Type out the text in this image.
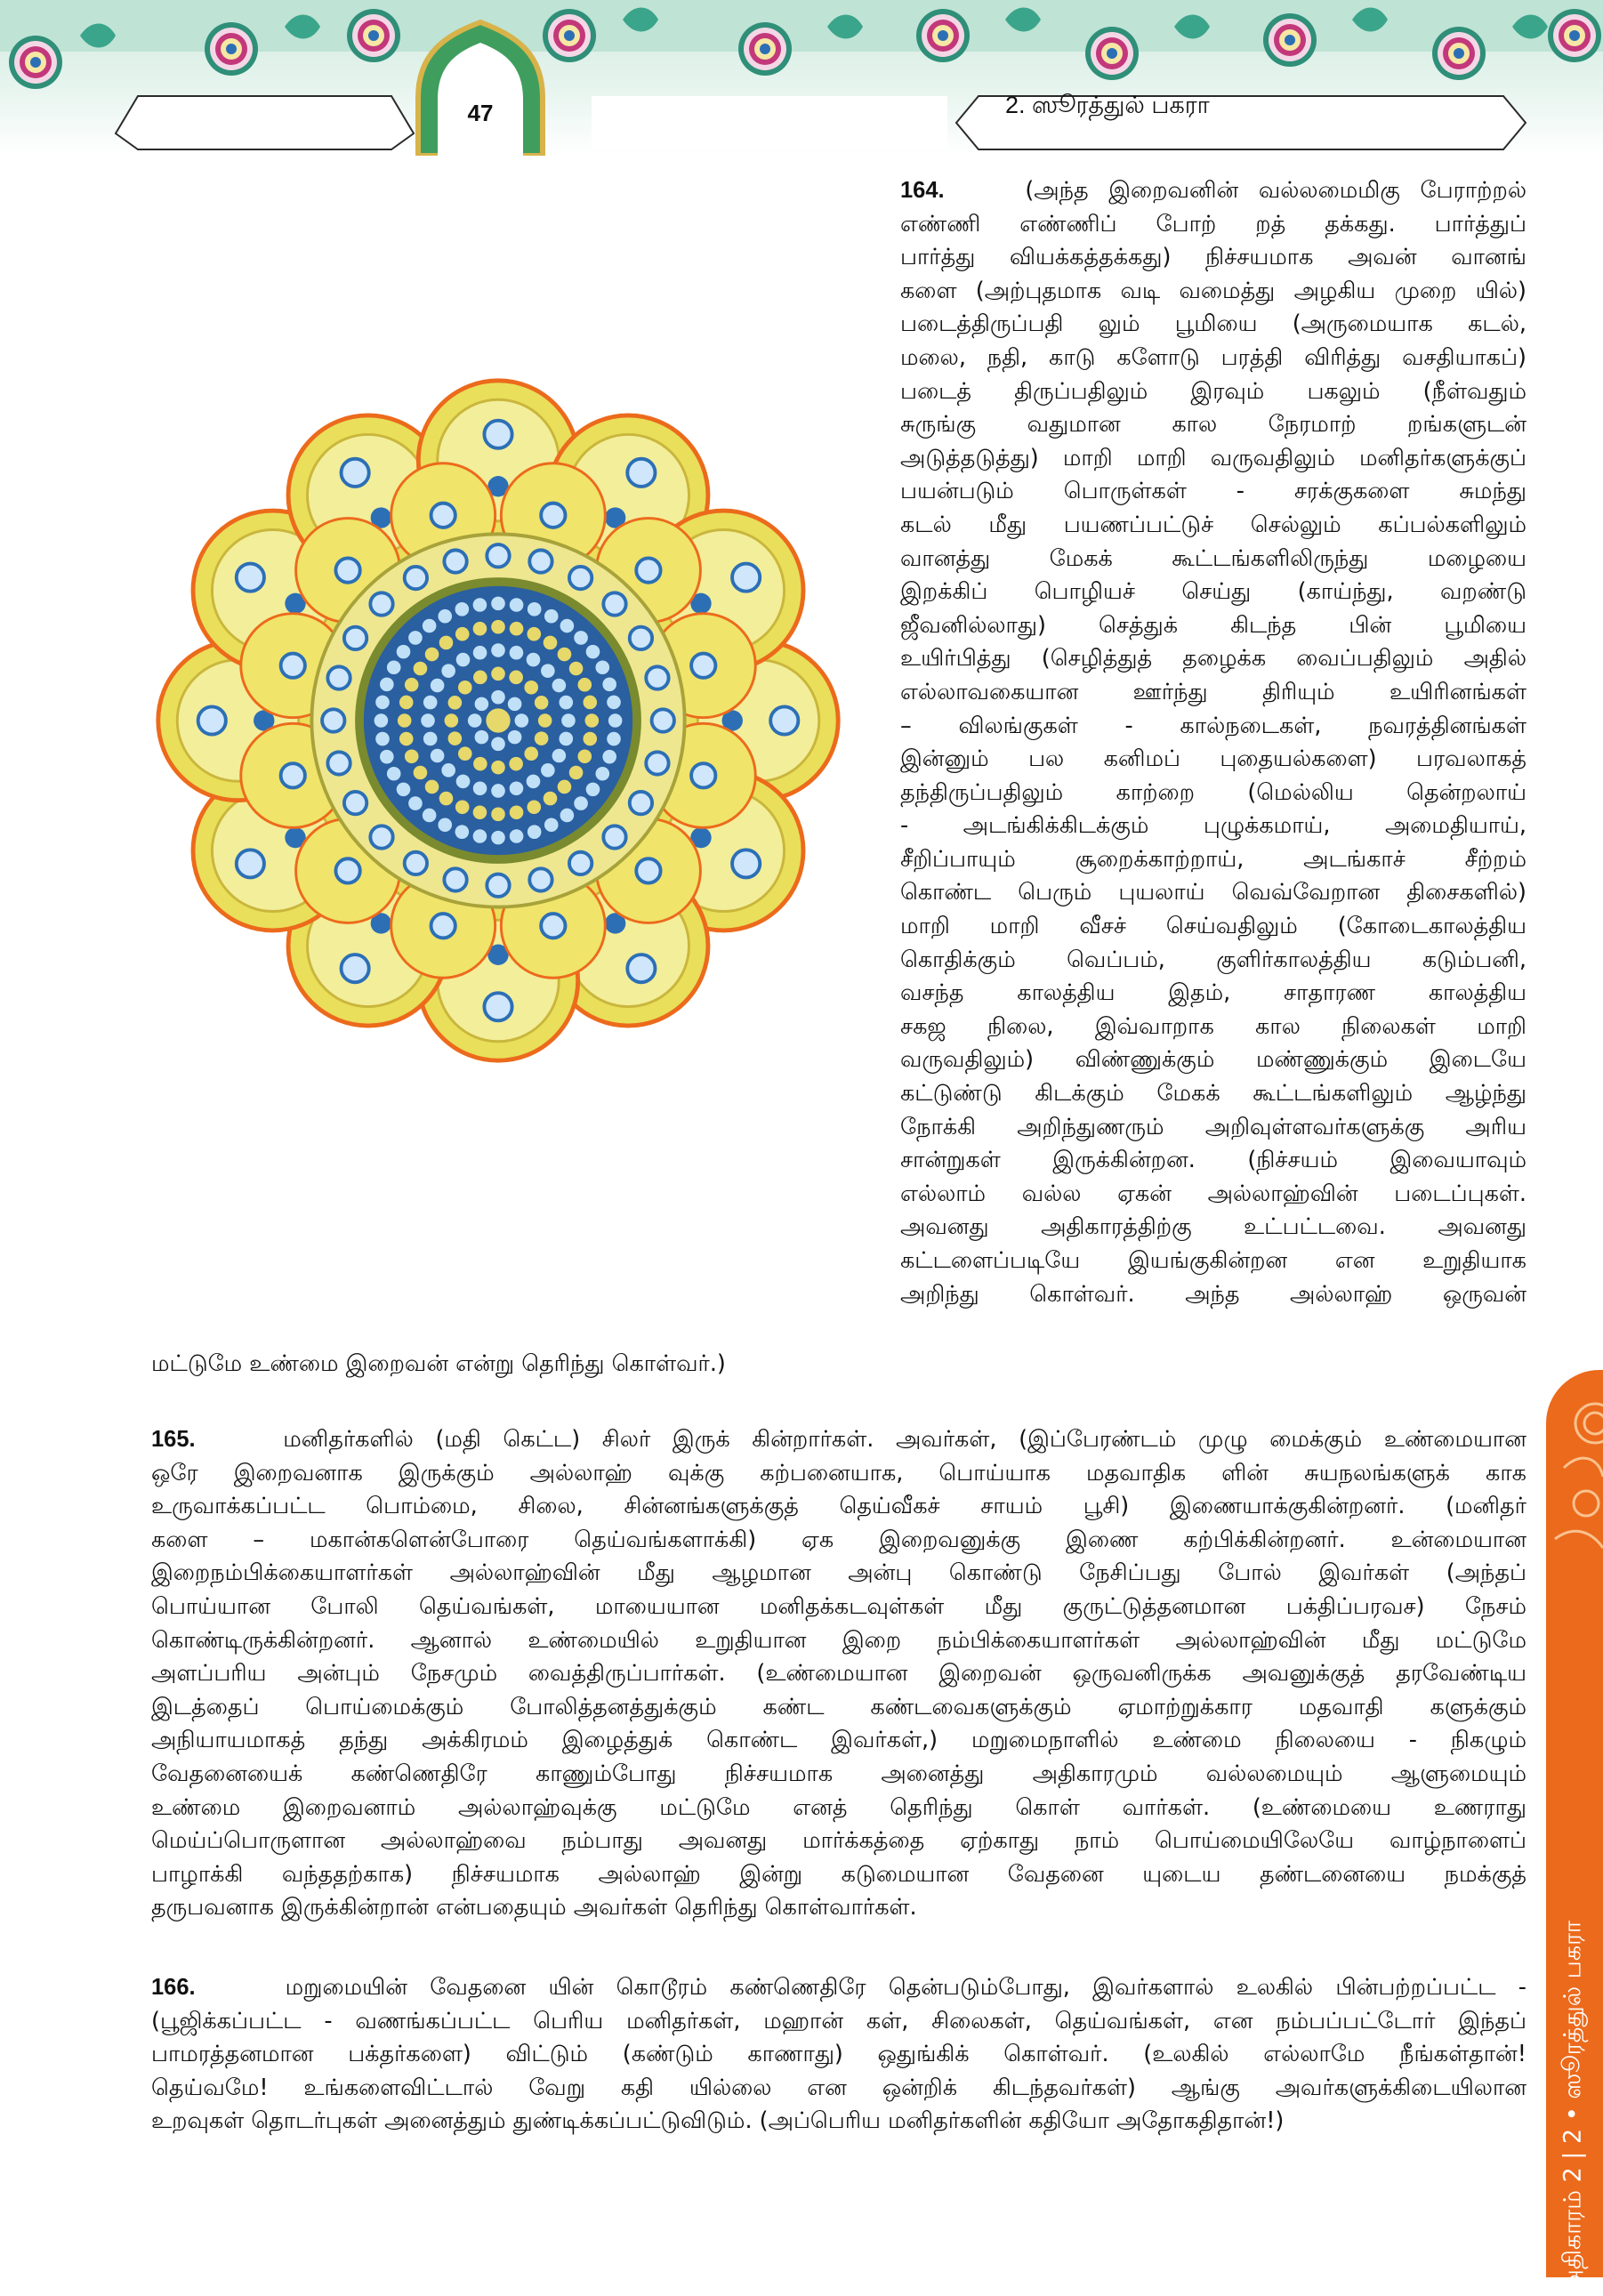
47	2. ஸூரத்துல் பகரா
அதிகாரம் 2 | 2 • ஸூரத்துல் பகரா
164.	(அந்த இறைவனின் வல்லமைமிகு பேராற்றல்
எண்ணி எண்ணிப் போற் றத் தக்கது. பார்த்துப்
பார்த்து வியக்கத்தக்கது) நிச்சயமாக அவன் வானங்
களை (அற்புதமாக வடி வமைத்து அழகிய முறை யில்)
படைத்திருப்பதி லும் பூமியை (அருமையாக கடல்,
மலை, நதி, காடு களோடு பரத்தி விரித்து வசதியாகப்)
படைத் திருப்பதிலும் இரவும் பகலும் (நீள்வதும்
சுருங்கு வதுமான கால நேரமாற் றங்களுடன்
அடுத்தடுத்து) மாறி மாறி வருவதிலும் மனிதர்களுக்குப்
பயன்படும் பொருள்கள் - சரக்குகளை சுமந்து
கடல் மீது பயணப்பட்டுச் செல்லும் கப்பல்களிலும்
வானத்து மேகக் கூட்டங்களிலிருந்து மழையை
இறக்கிப் பொழியச் செய்து (காய்ந்து, வறண்டு
ஜீவனில்லாது) செத்துக் கிடந்த பின் பூமியை
உயிர்பித்து (செழித்துத் தழைக்க வைப்பதிலும் அதில்
எல்லாவகையான ஊர்ந்து திரியும் உயிரினங்கள்
– விலங்குகள் - கால்நடைகள், நவரத்தினங்கள்
இன்னும் பல கனிமப் புதையல்களை) பரவலாகத்
தந்திருப்பதிலும் காற்றை (மெல்லிய தென்றலாய்
- அடங்கிக்கிடக்கும் புழுக்கமாய், அமைதியாய்,
சீறிப்பாயும் சூறைக்காற்றாய், அடங்காச் சீற்றம்
கொண்ட பெரும் புயலாய் வெவ்வேறான திசைகளில்)
மாறி மாறி வீசச் செய்வதிலும் (கோடைகாலத்திய
கொதிக்கும் வெப்பம், குளிர்காலத்திய கடும்பனி,
வசந்த காலத்திய இதம், சாதாரண காலத்திய
சகஜ நிலை, இவ்வாறாக கால நிலைகள் மாறி
வருவதிலும்) விண்ணுக்கும் மண்ணுக்கும் இடையே
கட்டுண்டு கிடக்கும் மேகக் கூட்டங்களிலும் ஆழ்ந்து
நோக்கி அறிந்துணரும் அறிவுள்ளவர்களுக்கு அரிய
சான்றுகள் இருக்கின்றன. (நிச்சயம் இவையாவும்
எல்லாம் வல்ல ஏகன் அல்லாஹ்வின் படைப்புகள்.
அவனது அதிகாரத்திற்கு உட்பட்டவை. அவனது
கட்டளைப்படியே இயங்குகின்றன என உறுதியாக
அறிந்து கொள்வர். அந்த அல்லாஹ் ஒருவன்
மட்டுமே உண்மை இறைவன் என்று தெரிந்து கொள்வர்.)
165.	மனிதர்களில் (மதி கெட்ட) சிலர் இருக் கின்றார்கள். அவர்கள், (இப்பேரண்டம் முழு மைக்கும் உண்மையான
ஒரே இறைவனாக இருக்கும் அல்லாஹ் வுக்கு கற்பனையாக, பொய்யாக மதவாதிக ளின் சுயநலங்களுக் காக
உருவாக்கப்பட்ட பொம்மை, சிலை, சின்னங்களுக்குத் தெய்வீகச் சாயம் பூசி) இணையாக்குகின்றனர். (மனிதர்
களை – மகான்களென்போரை தெய்வங்களாக்கி) ஏக இறைவனுக்கு இணை கற்பிக்கின்றனர். உன்மையான
இறைநம்பிக்கையாளர்கள் அல்லாஹ்வின் மீது ஆழமான அன்பு கொண்டு நேசிப்பது போல் இவர்கள் (அந்தப்
பொய்யான போலி தெய்வங்கள், மாயையான மனிதக்கடவுள்கள் மீது குருட்டுத்தனமான பக்திப்பரவச) நேசம்
கொண்டிருக்கின்றனர். ஆனால் உண்மையில் உறுதியான இறை நம்பிக்கையாளர்கள் அல்லாஹ்வின் மீது மட்டுமே
அளப்பரிய அன்பும் நேசமும் வைத்திருப்பார்கள். (உண்மையான இறைவன் ஒருவனிருக்க அவனுக்குத் தரவேண்டிய
இடத்தைப் பொய்மைக்கும் போலித்தனத்துக்கும் கண்ட கண்டவைகளுக்கும் ஏமாற்றுக்கார மதவாதி களுக்கும்
அநியாயமாகத் தந்து அக்கிரமம் இழைத்துக் கொண்ட இவர்கள்,) மறுமைநாளில் உண்மை நிலையை - நிகழும்
வேதனையைக் கண்ணெதிரே காணும்போது நிச்சயமாக அனைத்து அதிகாரமும் வல்லமையும் ஆளுமையும்
உண்மை இறைவனாம் அல்லாஹ்வுக்கு மட்டுமே எனத் தெரிந்து கொள் வார்கள். (உண்மையை உணராது
மெய்ப்பொருளான அல்லாஹ்வை நம்பாது அவனது மார்க்கத்தை ஏற்காது நாம் பொய்மையிலேயே வாழ்நாளைப்
பாழாக்கி வந்ததற்காக) நிச்சயமாக அல்லாஹ் இன்று கடுமையான வேதனை யுடைய தண்டனையை நமக்குத்
தருபவனாக இருக்கின்றான் என்பதையும் அவர்கள் தெரிந்து கொள்வார்கள்.
166.	மறுமையின் வேதனை யின் கொடூரம் கண்ணெதிரே தென்படும்போது, இவர்களால் உலகில் பின்பற்றப்பட்ட -
(பூஜிக்கப்பட்ட - வணங்கப்பட்ட பெரிய மனிதர்கள், மஹான் கள், சிலைகள், தெய்வங்கள், என நம்பப்பட்டோர் இந்தப்
பாமரத்தனமான பக்தர்களை) விட்டும் (கண்டும் காணாது) ஒதுங்கிக் கொள்வர். (உலகில் எல்லாமே நீங்கள்தான்!
தெய்வமே! உங்களைவிட்டால் வேறு கதி யில்லை என ஒன்றிக் கிடந்தவர்கள்) ஆங்கு அவர்களுக்கிடையிலான
உறவுகள் தொடர்புகள் அனைத்தும் துண்டிக்கப்பட்டுவிடும். (அப்பெரிய மனிதர்களின் கதியோ அதோகதிதான்!)
